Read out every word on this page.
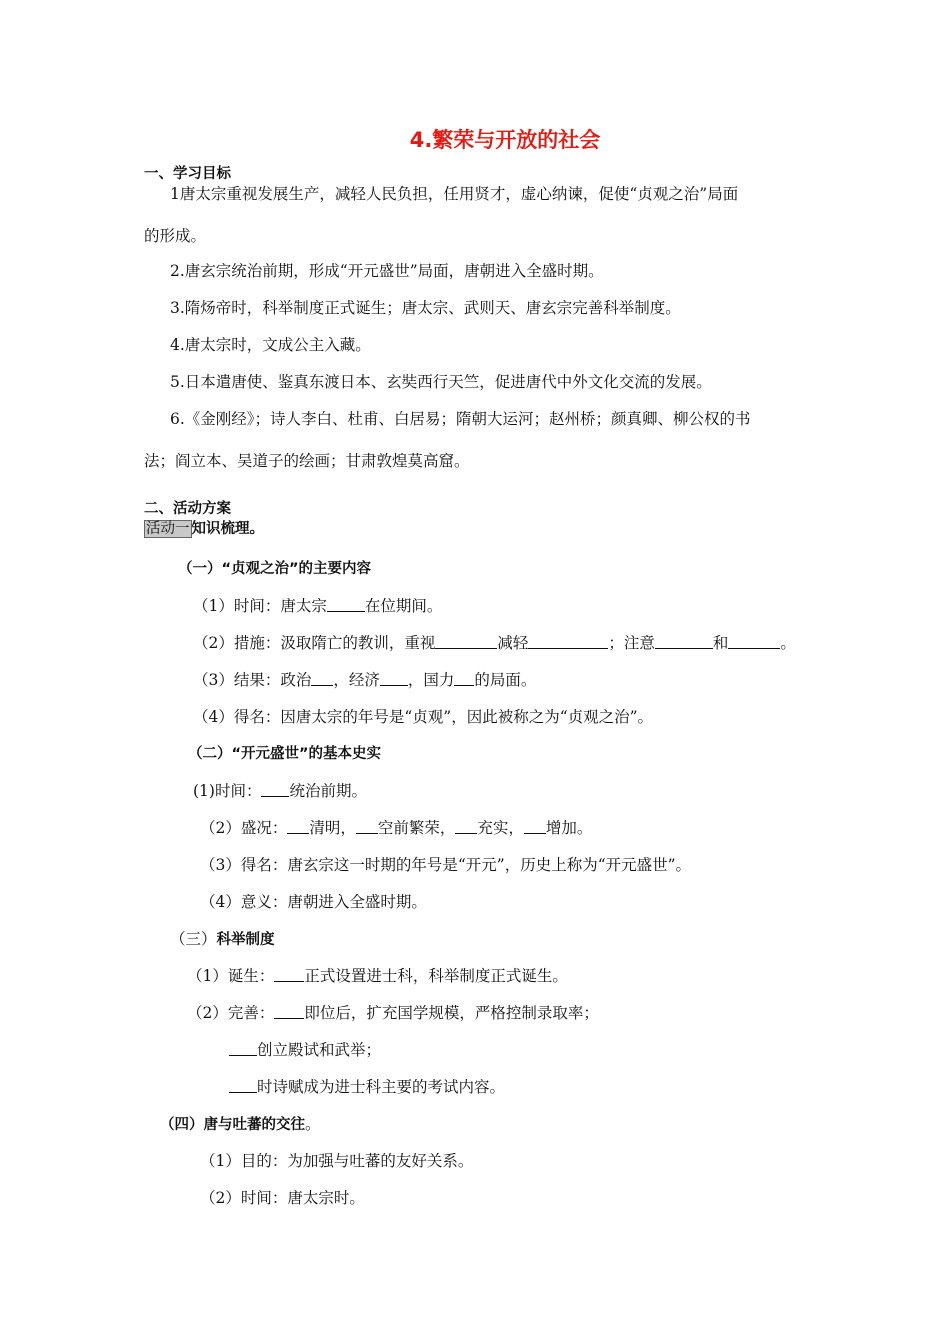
4.繁荣与开放的社会
一、学习目标
1唐太宗重视发展生产，减轻人民负担，任用贤才，虚心纳谏，促使“贞观之治”局面
的形成。
2.唐玄宗统治前期，形成“开元盛世”局面，唐朝进入全盛时期。
3.隋炀帝时，科举制度正式诞生；唐太宗、武则天、唐玄宗完善科举制度。
4.唐太宗时，文成公主入藏。
5.日本遣唐使、鉴真东渡日本、玄奘西行天竺，促进唐代中外文化交流的发展。
6.《金刚经》；诗人李白、杜甫、白居易；隋朝大运河；赵州桥；颜真卿、柳公权的书
法；阎立本、吴道子的绘画；甘肃敦煌莫高窟。
二、活动方案
活动一 知识梳理。
（一）“贞观之治”的主要内容
（1）时间：唐太宗 在位期间。
（2）措施：汲取隋亡的教训，重视	减轻	；注意	和	。
（3）结果：政治 ，经济 ，国力 的局面。
（4）得名：因唐太宗的年号是“贞观”，因此被称之为“贞观之治”。
（二）“开元盛世”的基本史实
(1)时间： 统治前期。
（2）盛况： 清明， 空前繁荣， 充实， 增加。
（3）得名：唐玄宗这一时期的年号是“开元”，历史上称为“开元盛世”。
（4）意义：唐朝进入全盛时期。
（三）科举制度
（1）诞生： 正式设置进士科，科举制度正式诞生。
（2）完善： 即位后，扩充国学规模，严格控制录取率；
创立殿试和武举；
时诗赋成为进士科主要的考试内容。
（四）唐与吐蕃的交往。
（1）目的：为加强与吐蕃的友好关系。
（2）时间：唐太宗时。
